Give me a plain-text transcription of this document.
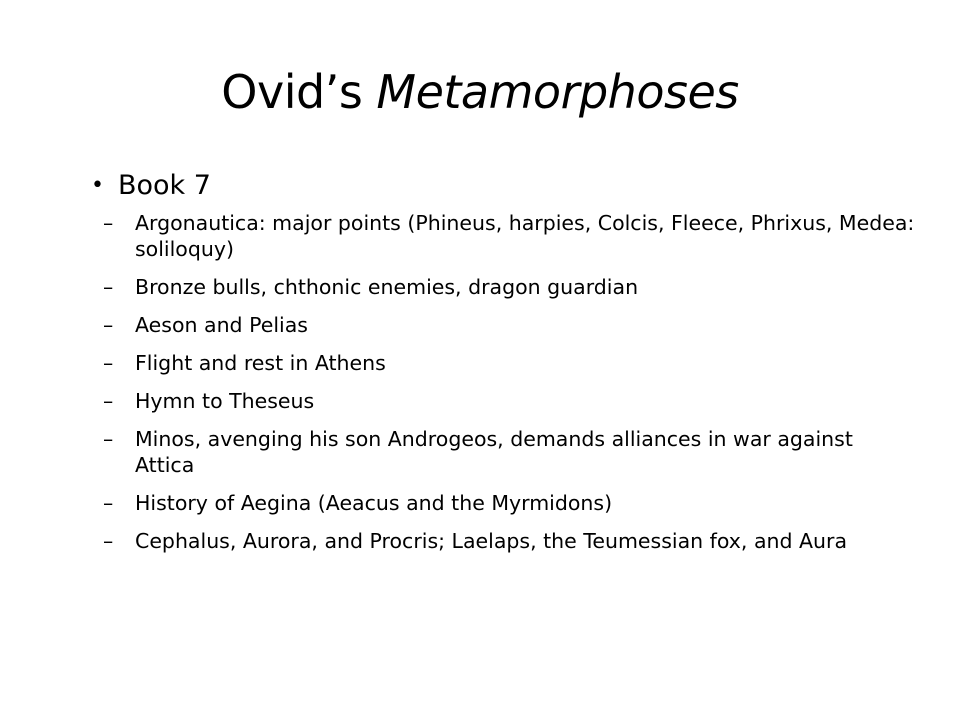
Ovid’s Metamorphoses
• Book 7
– Argonautica: major points (Phineus, harpies, Colcis, Fleece, Phrixus, Medea: soliloquy)
– Bronze bulls, chthonic enemies, dragon guardian
– Aeson and Pelias
– Flight and rest in Athens
– Hymn to Theseus
– Minos, avenging his son Androgeos, demands alliances in war against Attica
– History of Aegina (Aeacus and the Myrmidons)
– Cephalus, Aurora, and Procris; Laelaps, the Teumessian fox, and Aura
